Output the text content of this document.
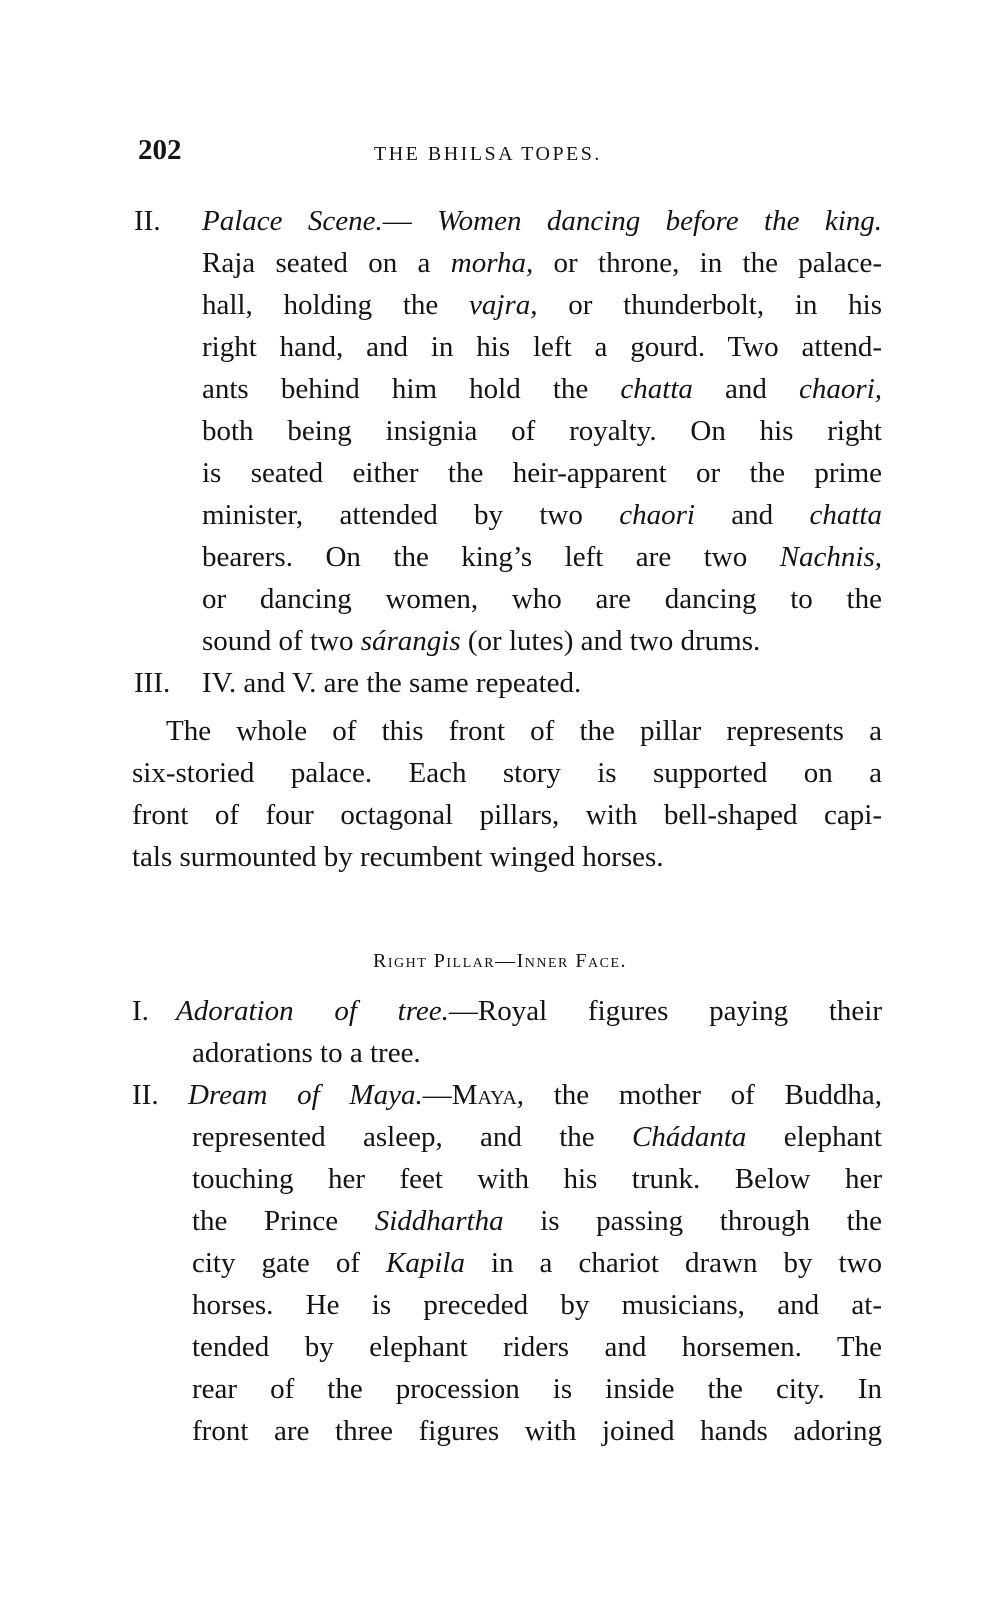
202	THE BHILSA TOPES.
II. Palace Scene.— Women dancing before the king.
Raja seated on a morha, or throne, in the palace-
hall, holding the vajra, or thunderbolt, in his
right hand, and in his left a gourd. Two attend-
ants behind him hold the chatta and chaori,
both being insignia of royalty. On his right
is seated either the heir-apparent or the prime
minister, attended by two chaori and chatta
bearers. On the king’s left are two Nachnis,
or dancing women, who are dancing to the
sound of two sárangis (or lutes) and two drums.
III. IV. and V. are the same repeated.
The whole of this front of the pillar represents a
six-storied palace. Each story is supported on a
front of four octagonal pillars, with bell-shaped capi-
tals surmounted by recumbent winged horses.
Right Pillar—Inner Face.
I. Adoration of tree.—Royal figures paying their
adorations to a tree.
II. Dream of Maya.—Maya, the mother of Buddha,
represented asleep, and the Chádanta elephant
touching her feet with his trunk. Below her
the Prince Siddhartha is passing through the
city gate of Kapila in a chariot drawn by two
horses. He is preceded by musicians, and at-
tended by elephant riders and horsemen. The
rear of the procession is inside the city. In
front are three figures with joined hands adoring
